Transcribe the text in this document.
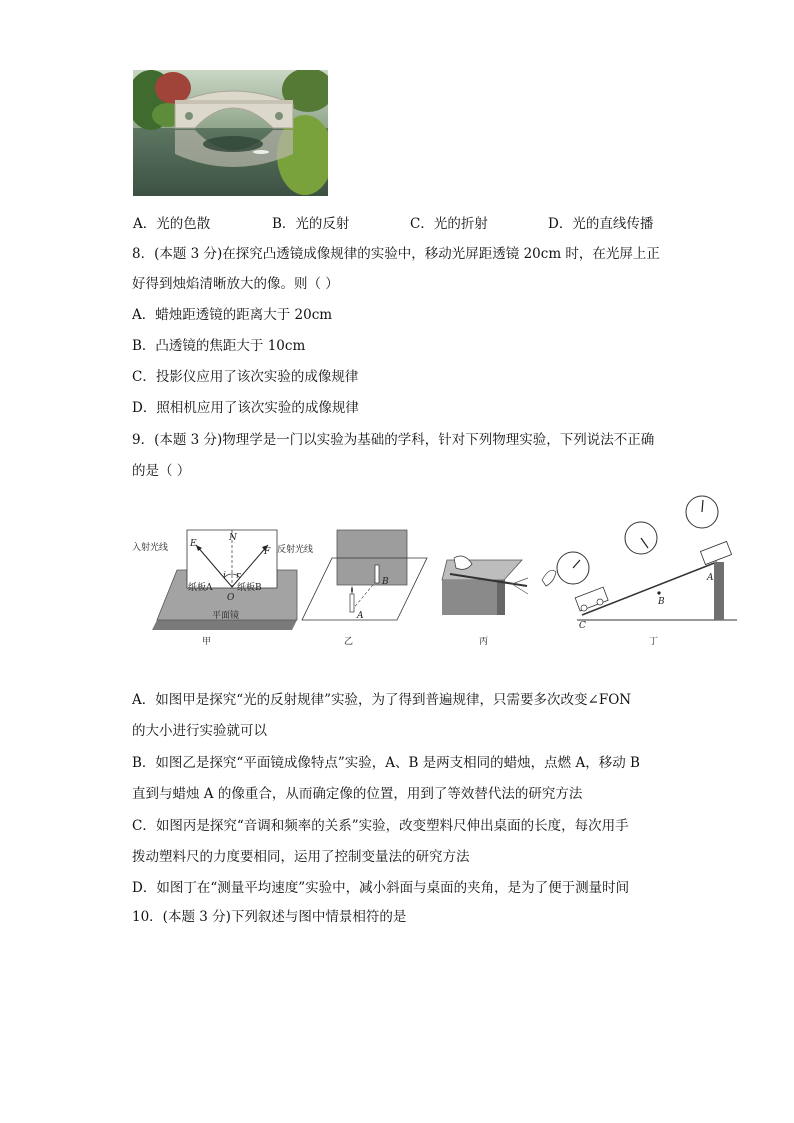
A．光的色散	B．光的反射	C．光的折射	D．光的直线传播
8．(本题 3 分)在探究凸透镜成像规律的实验中，移动光屏距透镜 20cm 时，在光屏上正
好得到烛焰清晰放大的像。则（ ）
A．蜡烛距透镜的距离大于 20cm
B．凸透镜的焦距大于 10cm
C．投影仪应用了该次实验的成像规律
D．照相机应用了该次实验的成像规律
9．(本题 3 分)物理学是一门以实验为基础的学科，针对下列物理实验，下列说法不正确
的是（ ）
入射光线	反射光线
E
N
F
O
i r
纸板A	纸板B
平面镜
甲
A
B
乙	丙
C
B
A
丁
A．如图甲是探究“光的反射规律”实验，为了得到普遍规律，只需要多次改变∠FON
的大小进行实验就可以
B．如图乙是探究“平面镜成像特点”实验，A、B 是两支相同的蜡烛，点燃 A，移动 B
直到与蜡烛 A 的像重合，从而确定像的位置，用到了等效替代法的研究方法
C．如图丙是探究“音调和频率的关系”实验，改变塑料尺伸出桌面的长度，每次用手
拨动塑料尺的力度要相同，运用了控制变量法的研究方法
D．如图丁在“测量平均速度”实验中，减小斜面与桌面的夹角，是为了便于测量时间
10．(本题 3 分)下列叙述与图中情景相符的是
